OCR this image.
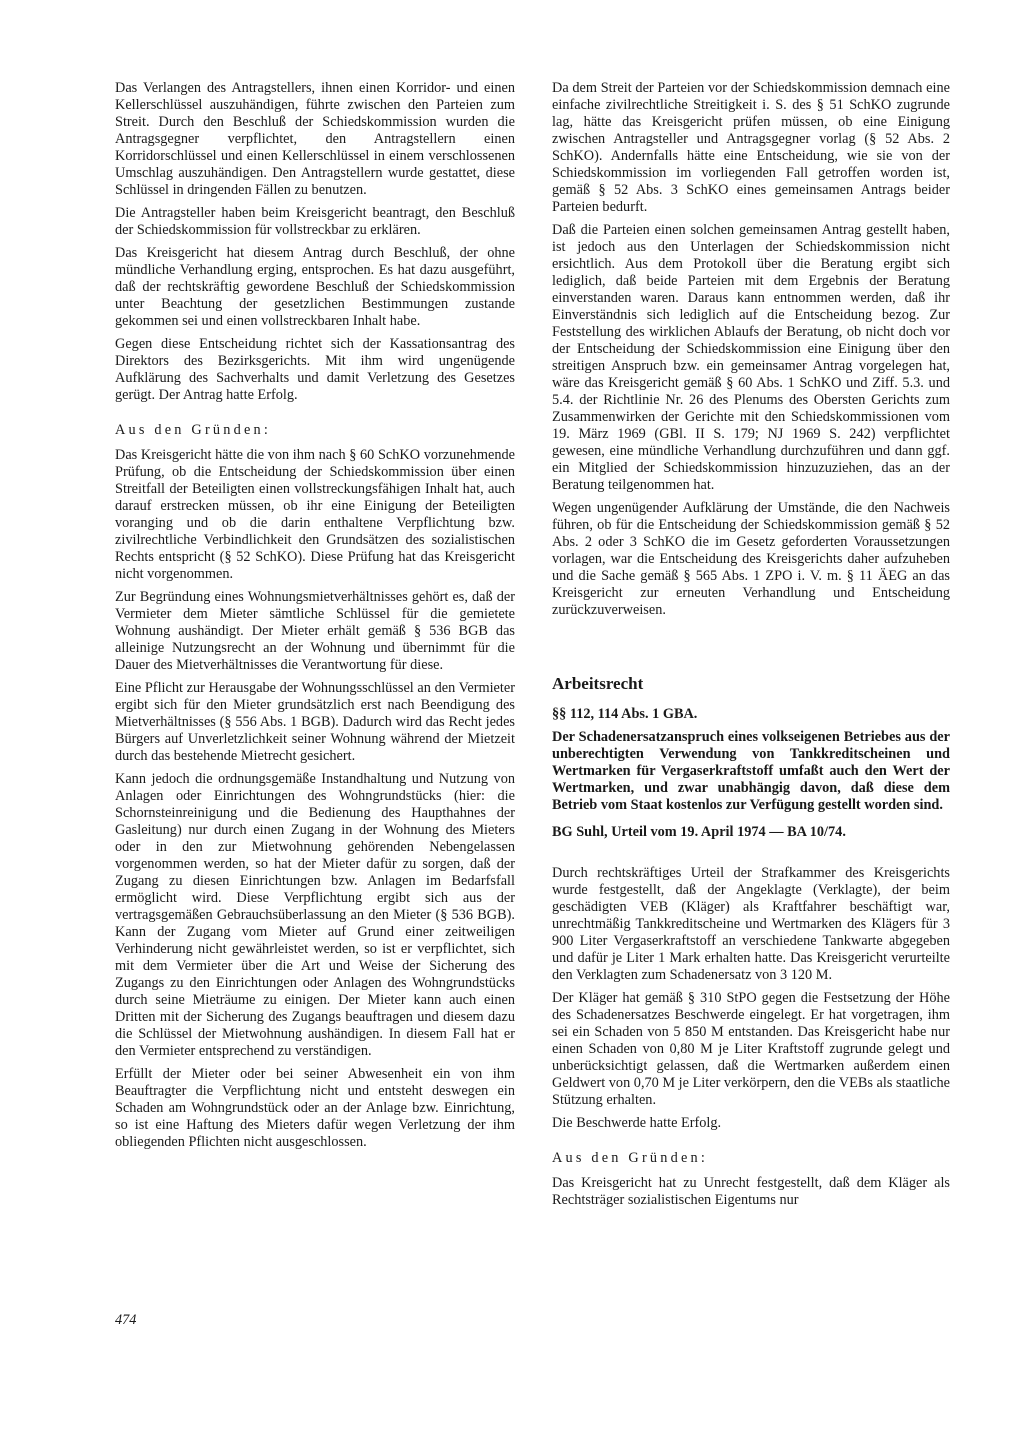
Das Verlangen des Antragstellers, ihnen einen Korridor- und einen Kellerschlüssel auszuhändigen, führte zwischen den Parteien zum Streit. Durch den Beschluß der Schiedskommission wurden die Antragsgegner verpflichtet, den Antragstellern einen Korridorschlüssel und einen Kellerschlüssel in einem verschlossenen Umschlag auszuhändigen. Den Antragstellern wurde gestattet, diese Schlüssel in dringenden Fällen zu benutzen.

Die Antragsteller haben beim Kreisgericht beantragt, den Beschluß der Schiedskommission für vollstreckbar zu erklären.

Das Kreisgericht hat diesem Antrag durch Beschluß, der ohne mündliche Verhandlung erging, entsprochen. Es hat dazu ausgeführt, daß der rechtskräftig gewordene Beschluß der Schiedskommission unter Beachtung der gesetzlichen Bestimmungen zustande gekommen sei und einen vollstreckbaren Inhalt habe.

Gegen diese Entscheidung richtet sich der Kassationsantrag des Direktors des Bezirksgerichts. Mit ihm wird ungenügende Aufklärung des Sachverhalts und damit Verletzung des Gesetzes gerügt. Der Antrag hatte Erfolg.

Aus den Gründen:

Das Kreisgericht hätte die von ihm nach § 60 SchKO vorzunehmende Prüfung, ob die Entscheidung der Schiedskommission über einen Streitfall der Beteiligten einen vollstreckungsfähigen Inhalt hat, auch darauf erstrecken müssen, ob ihr eine Einigung der Beteiligten voranging und ob die darin enthaltene Verpflichtung bzw. zivilrechtliche Verbindlichkeit den Grundsätzen des sozialistischen Rechts entspricht (§ 52 SchKO). Diese Prüfung hat das Kreisgericht nicht vorgenommen.

Zur Begründung eines Wohnungsmietverhältnisses gehört es, daß der Vermieter dem Mieter sämtliche Schlüssel für die gemietete Wohnung aushändigt. Der Mieter erhält gemäß § 536 BGB das alleinige Nutzungsrecht an der Wohnung und übernimmt für die Dauer des Mietverhältnisses die Verantwortung für diese.

Eine Pflicht zur Herausgabe der Wohnungsschlüssel an den Vermieter ergibt sich für den Mieter grundsätzlich erst nach Beendigung des Mietverhältnisses (§ 556 Abs. 1 BGB). Dadurch wird das Recht jedes Bürgers auf Unverletzlichkeit seiner Wohnung während der Mietzeit durch das bestehende Mietrecht gesichert.

Kann jedoch die ordnungsgemäße Instandhaltung und Nutzung von Anlagen oder Einrichtungen des Wohngrundstücks (hier: die Schornsteinreinigung und die Bedienung des Haupthahnes der Gasleitung) nur durch einen Zugang in der Wohnung des Mieters oder in den zur Mietwohnung gehörenden Nebengelassen vorgenommen werden, so hat der Mieter dafür zu sorgen, daß der Zugang zu diesen Einrichtungen bzw. Anlagen im Bedarfsfall ermöglicht wird. Diese Verpflichtung ergibt sich aus der vertragsgemäßen Gebrauchsüberlassung an den Mieter (§ 536 BGB). Kann der Zugang vom Mieter auf Grund einer zeitweiligen Verhinderung nicht gewährleistet werden, so ist er verpflichtet, sich mit dem Vermieter über die Art und Weise der Sicherung des Zugangs zu den Einrichtungen oder Anlagen des Wohngrundstücks durch seine Mieträume zu einigen. Der Mieter kann auch einen Dritten mit der Sicherung des Zugangs beauftragen und diesem dazu die Schlüssel der Mietwohnung aushändigen. In diesem Fall hat er den Vermieter entsprechend zu verständigen.

Erfüllt der Mieter oder bei seiner Abwesenheit ein von ihm Beauftragter die Verpflichtung nicht und entsteht deswegen ein Schaden am Wohngrundstück oder an der Anlage bzw. Einrichtung, so ist eine Haftung des Mieters dafür wegen Verletzung der ihm obliegenden Pflichten nicht ausgeschlossen.

Da dem Streit der Parteien vor der Schiedskommission demnach eine einfache zivilrechtliche Streitigkeit i. S. des § 51 SchKO zugrunde lag, hätte das Kreisgericht prüfen müssen, ob eine Einigung zwischen Antragsteller und Antragsgegner vorlag (§ 52 Abs. 2 SchKO). Andernfalls hätte eine Entscheidung, wie sie von der Schiedskommission im vorliegenden Fall getroffen worden ist, gemäß § 52 Abs. 3 SchKO eines gemeinsamen Antrags beider Parteien bedurft.

Daß die Parteien einen solchen gemeinsamen Antrag gestellt haben, ist jedoch aus den Unterlagen der Schiedskommission nicht ersichtlich. Aus dem Protokoll über die Beratung ergibt sich lediglich, daß beide Parteien mit dem Ergebnis der Beratung einverstanden waren. Daraus kann entnommen werden, daß ihr Einverständnis sich lediglich auf die Entscheidung bezog. Zur Feststellung des wirklichen Ablaufs der Beratung, ob nicht doch vor der Entscheidung der Schiedskommission eine Einigung über den streitigen Anspruch bzw. ein gemeinsamer Antrag vorgelegen hat, wäre das Kreisgericht gemäß § 60 Abs. 1 SchKO und Ziff. 5.3. und 5.4. der Richtlinie Nr. 26 des Plenums des Obersten Gerichts zum Zusammenwirken der Gerichte mit den Schiedskommissionen vom 19. März 1969 (GBl. II S. 179; NJ 1969 S. 242) verpflichtet gewesen, eine mündliche Verhandlung durchzuführen und dann ggf. ein Mitglied der Schiedskommission hinzuzuziehen, das an der Beratung teilgenommen hat.

Wegen ungenügender Aufklärung der Umstände, die den Nachweis führen, ob für die Entscheidung der Schiedskommission gemäß § 52 Abs. 2 oder 3 SchKO die im Gesetz geforderten Voraussetzungen vorlagen, war die Entscheidung des Kreisgerichts daher aufzuheben und die Sache gemäß § 565 Abs. 1 ZPO i. V. m. § 11 ÄEG an das Kreisgericht zur erneuten Verhandlung und Entscheidung zurückzuverweisen.

Arbeitsrecht

§§ 112, 114 Abs. 1 GBA.

Der Schadenersatzanspruch eines volkseigenen Betriebes aus der unberechtigten Verwendung von Tankkreditscheinen und Wertmarken für Vergaserkraftstoff umfaßt auch den Wert der Wertmarken, und zwar unabhängig davon, daß diese dem Betrieb vom Staat kostenlos zur Verfügung gestellt worden sind.

BG Suhl, Urteil vom 19. April 1974 — BA 10/74.

Durch rechtskräftiges Urteil der Strafkammer des Kreisgerichts wurde festgestellt, daß der Angeklagte (Verklagte), der beim geschädigten VEB (Kläger) als Kraftfahrer beschäftigt war, unrechtmäßig Tankkreditscheine und Wertmarken des Klägers für 3 900 Liter Vergaserkraftstoff an verschiedene Tankwarte abgegeben und dafür je Liter 1 Mark erhalten hatte. Das Kreisgericht verurteilte den Verklagten zum Schadenersatz von 3 120 M.

Der Kläger hat gemäß § 310 StPO gegen die Festsetzung der Höhe des Schadenersatzes Beschwerde eingelegt. Er hat vorgetragen, ihm sei ein Schaden von 5 850 M entstanden. Das Kreisgericht habe nur einen Schaden von 0,80 M je Liter Kraftstoff zugrunde gelegt und unberücksichtigt gelassen, daß die Wertmarken außerdem einen Geldwert von 0,70 M je Liter verkörpern, den die VEBs als staatliche Stützung erhalten.

Die Beschwerde hatte Erfolg.

Aus den Gründen:

Das Kreisgericht hat zu Unrecht festgestellt, daß dem Kläger als Rechtsträger sozialistischen Eigentums nur

474
